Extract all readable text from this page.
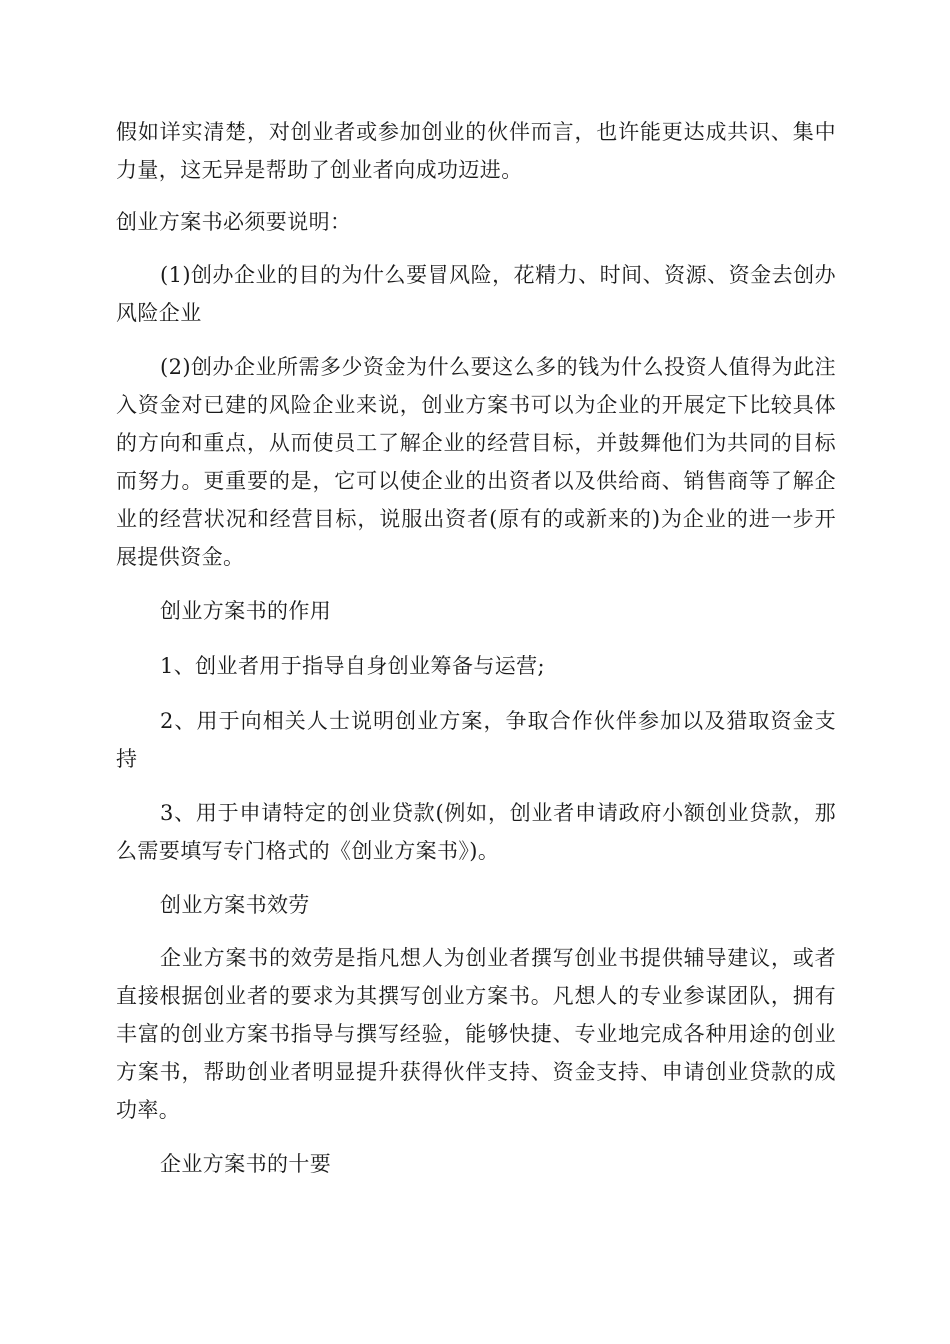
假如详实清楚，对创业者或参加创业的伙伴而言，也许能更达成共识、集中力量，这无异是帮助了创业者向成功迈进。

创业方案书必须要说明：

(1)创办企业的目的为什么要冒风险，花精力、时间、资源、资金去创办风险企业

(2)创办企业所需多少资金为什么要这么多的钱为什么投资人值得为此注入资金对已建的风险企业来说，创业方案书可以为企业的开展定下比较具体的方向和重点，从而使员工了解企业的经营目标，并鼓舞他们为共同的目标而努力。更重要的是，它可以使企业的出资者以及供给商、销售商等了解企业的经营状况和经营目标，说服出资者(原有的或新来的)为企业的进一步开展提供资金。

创业方案书的作用

1、创业者用于指导自身创业筹备与运营;

2、用于向相关人士说明创业方案，争取合作伙伴参加以及猎取资金支持

3、用于申请特定的创业贷款(例如，创业者申请政府小额创业贷款，那么需要填写专门格式的《创业方案书》)。

创业方案书效劳

企业方案书的效劳是指凡想人为创业者撰写创业书提供辅导建议，或者直接根据创业者的要求为其撰写创业方案书。凡想人的专业参谋团队，拥有丰富的创业方案书指导与撰写经验，能够快捷、专业地完成各种用途的创业方案书，帮助创业者明显提升获得伙伴支持、资金支持、申请创业贷款的成功率。

企业方案书的十要
